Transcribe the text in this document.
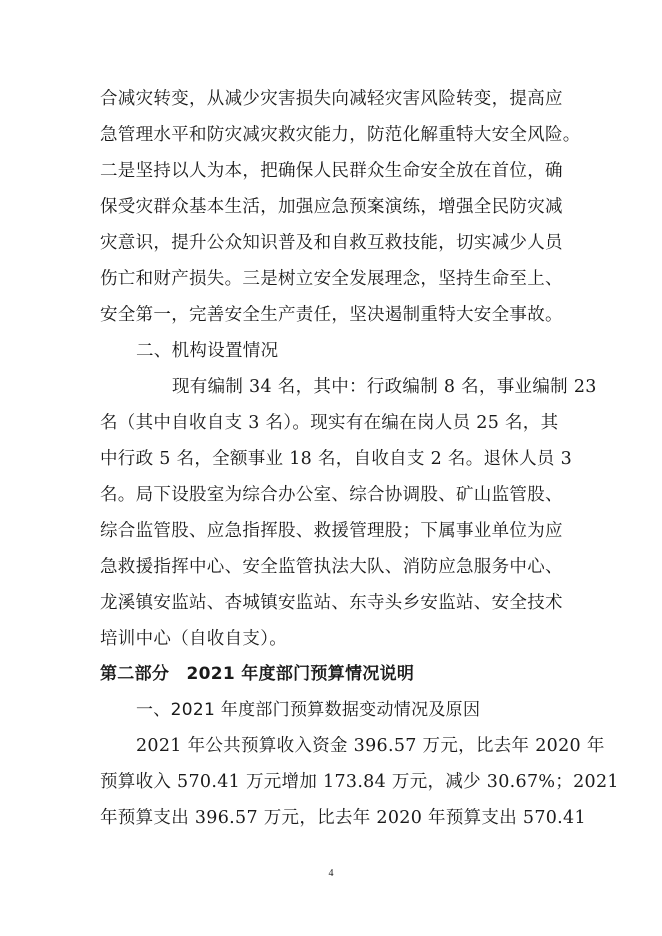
合减灾转变，从减少灾害损失向减轻灾害风险转变，提高应
急管理水平和防灾减灾救灾能力，防范化解重特大安全风险。
二是坚持以人为本，把确保人民群众生命安全放在首位，确
保受灾群众基本生活，加强应急预案演练，增强全民防灾减
灾意识，提升公众知识普及和自救互救技能，切实减少人员
伤亡和财产损失。三是树立安全发展理念，坚持生命至上、
安全第一，完善安全生产责任，坚决遏制重特大安全事故。
二、机构设置情况
现有编制 34 名，其中：行政编制 8 名，事业编制 23
名（其中自收自支 3 名）。现实有在编在岗人员 25 名，其
中行政 5 名，全额事业 18 名，自收自支 2 名。退休人员 3
名。局下设股室为综合办公室、综合协调股、矿山监管股、
综合监管股、应急指挥股、救援管理股；下属事业单位为应
急救援指挥中心、安全监管执法大队、消防应急服务中心、
龙溪镇安监站、杏城镇安监站、东寺头乡安监站、安全技术
培训中心（自收自支）。
第二部分　2021 年度部门预算情况说明
一、2021 年度部门预算数据变动情况及原因
2021 年公共预算收入资金 396.57 万元，比去年 2020 年
预算收入 570.41 万元增加 173.84 万元，减少 30.67%；2021
年预算支出 396.57 万元，比去年 2020 年预算支出 570.41
4
